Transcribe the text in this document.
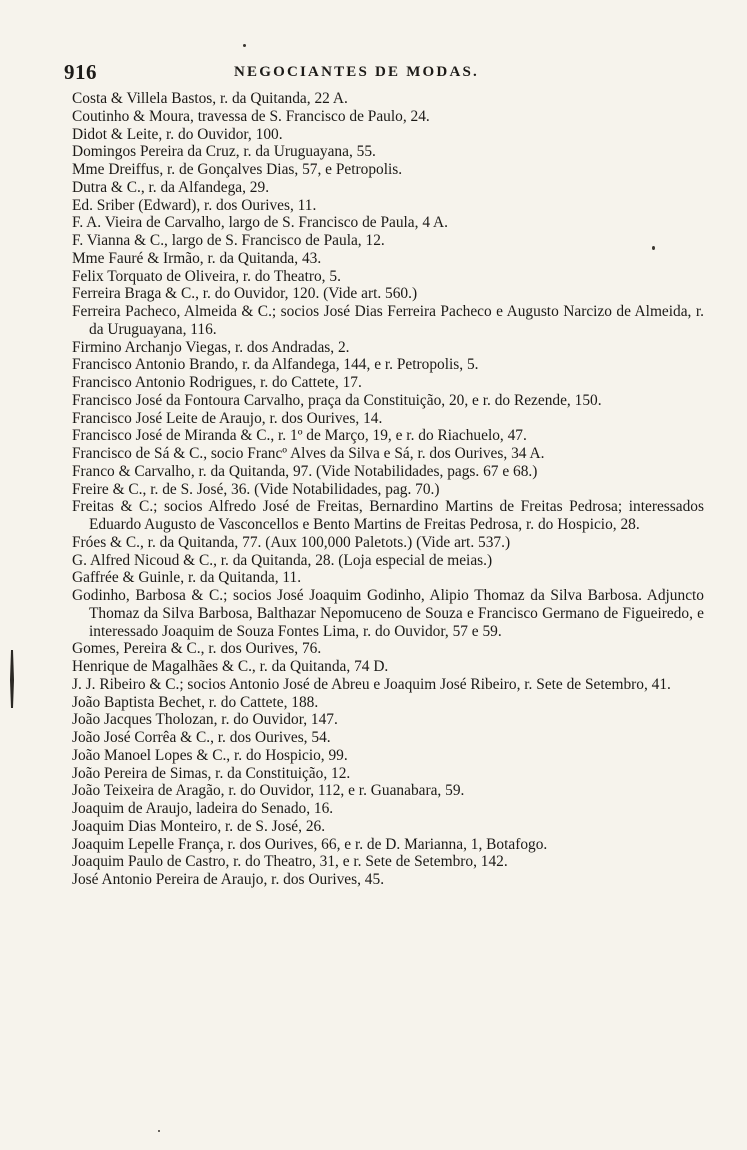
916	NEGOCIANTES DE MODAS.
Costa & Villela Bastos, r. da Quitanda, 22 A.
Coutinho & Moura, travessa de S. Francisco de Paulo, 24.
Didot & Leite, r. do Ouvidor, 100.
Domingos Pereira da Cruz, r. da Uruguayana, 55.
Mme Dreiffus, r. de Gonçalves Dias, 57, e Petropolis.
Dutra & C., r. da Alfandega, 29.
Ed. Sriber (Edward), r. dos Ourives, 11.
F. A. Vieira de Carvalho, largo de S. Francisco de Paula, 4 A.
F. Vianna & C., largo de S. Francisco de Paula, 12.
Mme Fauré & Irmão, r. da Quitanda, 43.
Felix Torquato de Oliveira, r. do Theatro, 5.
Ferreira Braga & C., r. do Ouvidor, 120. (Vide art. 560.)
Ferreira Pacheco, Almeida & C.; socios José Dias Ferreira Pacheco e Augusto Narcizo de Almeida, r. da Uruguayana, 116.
Firmino Archanjo Viegas, r. dos Andradas, 2.
Francisco Antonio Brando, r. da Alfandega, 144, e r. Petropolis, 5.
Francisco Antonio Rodrigues, r. do Cattete, 17.
Francisco José da Fontoura Carvalho, praça da Constituição, 20, e r. do Rezende, 150.
Francisco José Leite de Araujo, r. dos Ourives, 14.
Francisco José de Miranda & C., r. 1º de Março, 19, e r. do Riachuelo, 47.
Francisco de Sá & C., socio Francº Alves da Silva e Sá, r. dos Ourives, 34 A.
Franco & Carvalho, r. da Quitanda, 97. (Vide Notabilidades, pags. 67 e 68.)
Freire & C., r. de S. José, 36. (Vide Notabilidades, pag. 70.)
Freitas & C.; socios Alfredo José de Freitas, Bernardino Martins de Freitas Pedrosa; interessados Eduardo Augusto de Vasconcellos e Bento Martins de Freitas Pedrosa, r. do Hospicio, 28.
Fróes & C., r. da Quitanda, 77. (Aux 100,000 Paletots.) (Vide art. 537.)
G. Alfred Nicoud & C., r. da Quitanda, 28. (Loja especial de meias.)
Gaffrée & Guinle, r. da Quitanda, 11.
Godinho, Barbosa & C.; socios José Joaquim Godinho, Alipio Thomaz da Silva Barbosa. Adjuncto Thomaz da Silva Barbosa, Balthazar Nepomuceno de Souza e Francisco Germano de Figueiredo, e interessado Joaquim de Souza Fontes Lima, r. do Ouvidor, 57 e 59.
Gomes, Pereira & C., r. dos Ourives, 76.
Henrique de Magalhães & C., r. da Quitanda, 74 D.
J. J. Ribeiro & C.; socios Antonio José de Abreu e Joaquim José Ribeiro, r. Sete de Setembro, 41.
João Baptista Bechet, r. do Cattete, 188.
João Jacques Tholozan, r. do Ouvidor, 147.
João José Corrêa & C., r. dos Ourives, 54.
João Manoel Lopes & C., r. do Hospicio, 99.
João Pereira de Simas, r. da Constituição, 12.
João Teixeira de Aragão, r. do Ouvidor, 112, e r. Guanabara, 59.
Joaquim de Araujo, ladeira do Senado, 16.
Joaquim Dias Monteiro, r. de S. José, 26.
Joaquim Lepelle França, r. dos Ourives, 66, e r. de D. Marianna, 1, Botafogo.
Joaquim Paulo de Castro, r. do Theatro, 31, e r. Sete de Setembro, 142.
José Antonio Pereira de Araujo, r. dos Ourives, 45.
